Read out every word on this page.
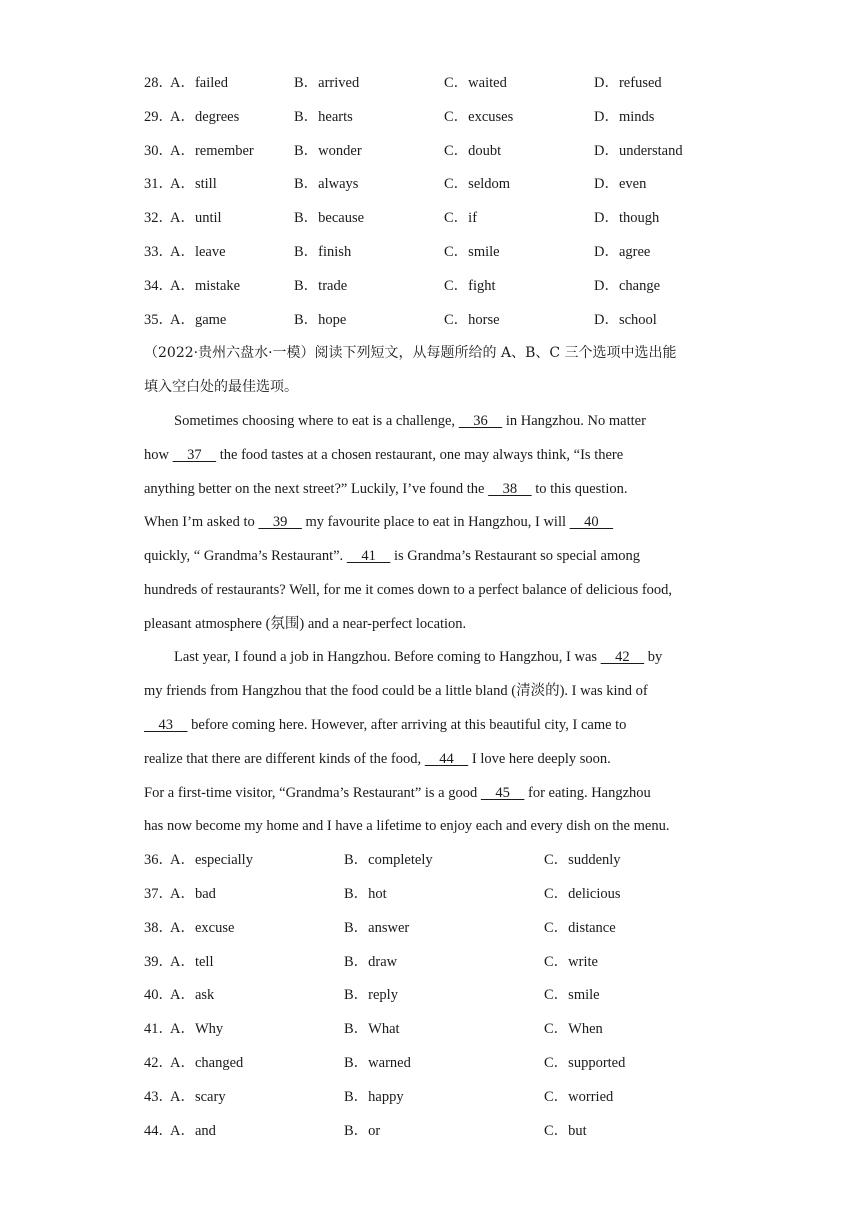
28．
A．failed	B．arrived	C．waited	D．refused
29．
A．degrees	B．hearts	C．excuses	D．minds
30．
A．remember	B．wonder	C．doubt	D．understand
31．
A．still	B．always	C．seldom	D．even
32．
A．until	B．because	C．if	D．though
33．
A．leave	B．finish	C．smile	D．agree
34．
A．mistake	B．trade	C．fight	D．change
35．
A．game	B．hope	C．horse	D．school
（2022·贵州六盘水·一模）阅读下列短文，从每题所给的 A、B、C 三个选项中选出能
填入空白处的最佳选项。
Sometimes choosing where to eat is a challenge,     36     in Hangzhou. No matter
how     37     the food tastes at a chosen restaurant, one may always think, “Is there
anything better on the next street?” Luckily, I’ve found the     38     to this question.
When I’m asked to     39     my favourite place to eat in Hangzhou, I will     40
quickly, “ Grandma’s Restaurant”.     41     is Grandma’s Restaurant so special among
hundreds of restaurants? Well, for me it comes down to a perfect balance of delicious food,
pleasant atmosphere (氛围) and a near-perfect location.
Last year, I found a job in Hangzhou. Before coming to Hangzhou, I was     42     by
my friends from Hangzhou that the food could be a little bland (清淡的). I was kind of
43     before coming here. However, after arriving at this beautiful city, I came to
realize that there are different kinds of the food,     44     I love here deeply soon.
For a first-time visitor, “Grandma’s Restaurant” is a good     45     for eating. Hangzhou
has now become my home and I have a lifetime to enjoy each and every dish on the menu.
36．
A．especially	B．completely	C．suddenly
37．
A．bad	B．hot	C．delicious
38．
A．excuse	B．answer	C．distance
39．
A．tell	B．draw	C．write
40．
A．ask	B．reply	C．smile
41．
A．Why	B．What	C．When
42．
A．changed	B．warned	C．supported
43．
A．scary	B．happy	C．worried
44．
A．and	B．or	C．but
